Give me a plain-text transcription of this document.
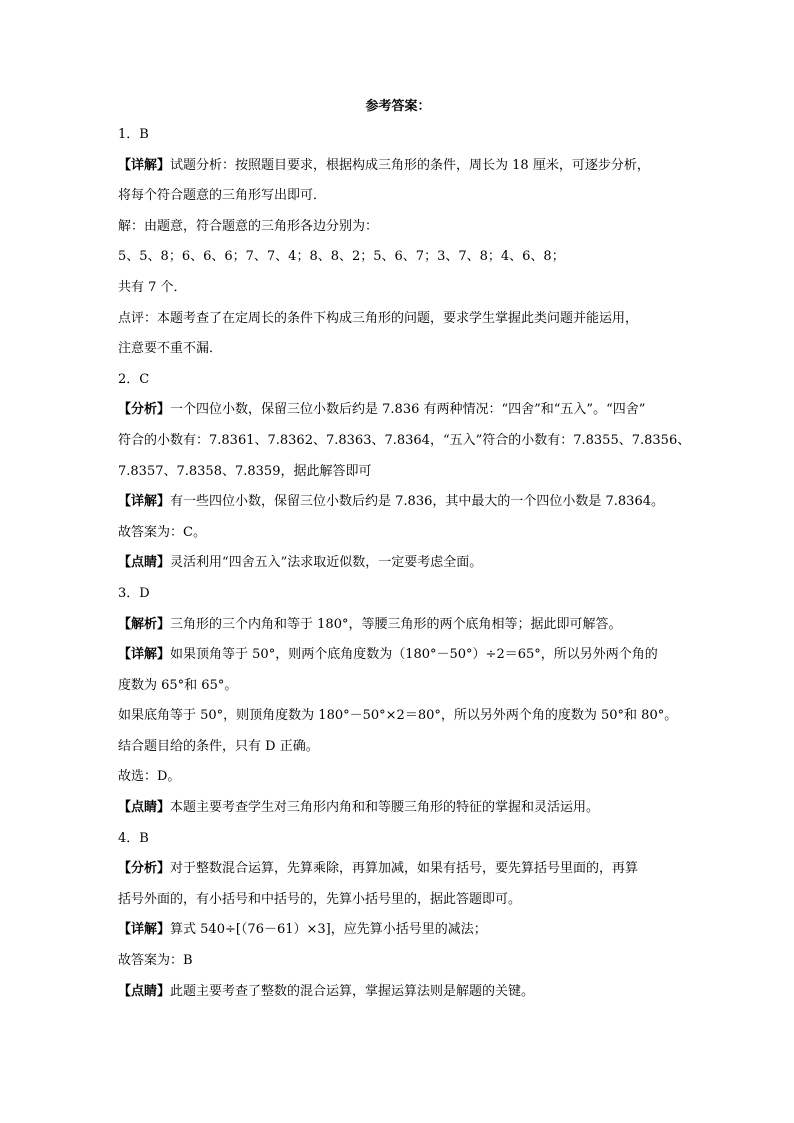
参考答案：
1．B
【详解】试题分析：按照题目要求，根据构成三角形的条件，周长为 18 厘米，可逐步分析，
将每个符合题意的三角形写出即可．
解：由题意，符合题意的三角形各边分别为：
5、5、8；6、6、6；7、7、4；8、8、2；5、6、7；3、7、8；4、6、8；
共有 7 个．
点评：本题考查了在定周长的条件下构成三角形的问题，要求学生掌握此类问题并能运用，
注意要不重不漏．
2．C
【分析】一个四位小数，保留三位小数后约是 7.836 有两种情况：“四舍”和“五入”。“四舍”
符合的小数有：7.8361、7.8362、7.8363、7.8364，“五入”符合的小数有：7.8355、7.8356、
7.8357、7.8358、7.8359，据此解答即可
【详解】有一些四位小数，保留三位小数后约是 7.836，其中最大的一个四位小数是 7.8364。
故答案为：C。
【点睛】灵活利用“四舍五入”法求取近似数，一定要考虑全面。
3．D
【解析】三角形的三个内角和等于 180°，等腰三角形的两个底角相等；据此即可解答。
【详解】如果顶角等于 50°，则两个底角度数为（180°－50°）÷2＝65°，所以另外两个角的
度数为 65°和 65°。
如果底角等于 50°，则顶角度数为 180°－50°×2＝80°，所以另外两个角的度数为 50°和 80°。
结合题目给的条件，只有 D 正确。
故选：D。
【点睛】本题主要考查学生对三角形内角和和等腰三角形的特征的掌握和灵活运用。
4．B
【分析】对于整数混合运算，先算乘除，再算加减，如果有括号，要先算括号里面的，再算
括号外面的，有小括号和中括号的，先算小括号里的，据此答题即可。
【详解】算式 540÷[（76－61）×3]，应先算小括号里的减法；
故答案为：B
【点睛】此题主要考查了整数的混合运算，掌握运算法则是解题的关键。
